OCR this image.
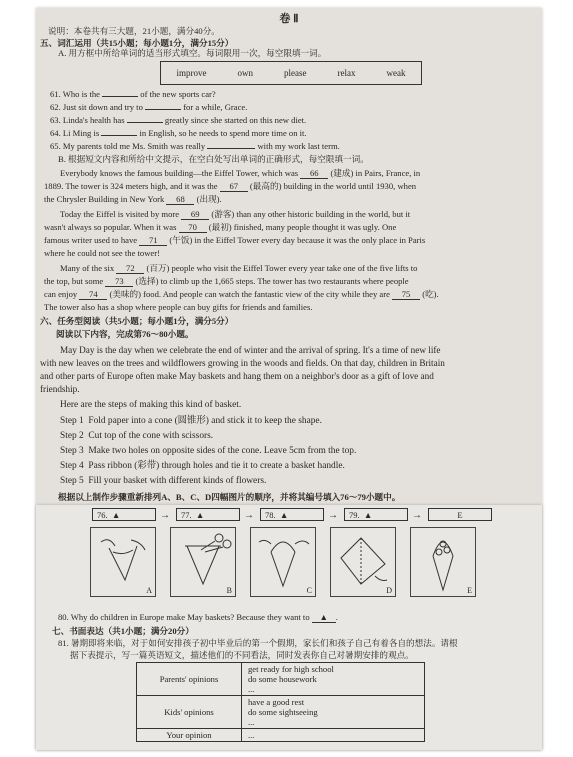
卷 Ⅱ
说明：本卷共有三大题，21小题，满分40分。
五、词汇运用（共15小题；每小题1分，满分15分）
A. 用方框中所给单词的适当形式填空。每词限用一次，每空限填一词。
improve	own	please	relax	weak
61. Who is the	of the new sports car?
62. Just sit down and try to	for a while, Grace.
63. Linda's health has	greatly since she started on this new diet.
64. Li Ming is	in English, so he needs to spend more time on it.
65. My parents told me Ms. Smith was really	with my work last term.
B. 根据短文内容和所给中文提示，在空白处写出单词的正确形式，每空限填一词。
Everybody knows the famous building—the Eiffel Tower, which was 66 (建成) in Pairs, France, in
1889. The tower is 324 meters high, and it was the 67 (最高的) building in the world until 1930, when
the Chrysler Building in New York 68 (出现).
Today the Eiffel is visited by more 69 (游客) than any other historic building in the world, but it
wasn't always so popular. When it was 70 (最初) finished, many people thought it was ugly. One
famous writer used to have 71 (午饭) in the Eiffel Tower every day because it was the only place in Paris
where he could not see the tower!
Many of the six 72 (百万) people who visit the Eiffel Tower every year take one of the five lifts to
the top, but some 73 (选择) to climb up the 1,665 steps. The tower has two restaurants where people
can enjoy 74 (美味的) food. And people can watch the fantastic view of the city while they are 75 (吃).
The tower also has a shop where people can buy gifts for friends and families.
六、任务型阅读（共5小题；每小题1分，满分5分）
阅读以下内容，完成第76～80小题。
May Day is the day when we celebrate the end of winter and the arrival of spring. It's a time of new life
with new leaves on the trees and wildflowers growing in the woods and fields. On that day, children in Britain
and other parts of Europe often make May baskets and hang them on a neighbor's door as a gift of love and
friendship.
Here are the steps of making this kind of basket.
Step 1 Fold paper into a cone (圆锥形) and stick it to keep the shape.
Step 2 Cut top of the cone with scissors.
Step 3 Make two holes on opposite sides of the cone. Leave 5cm from the top.
Step 4 Pass ribbon (彩带) through holes and tie it to create a basket handle.
Step 5 Fill your basket with different kinds of flowers.
根据以上制作步骤重新排列A、B、C、D四幅图片的顺序，并将其编号填入76～79小题中。
76.
▲	→ 77.
▲	→ 78.
▲	→ 79.
▲	→	E
A	B	C	D	E
80. Why do children in Europe make May baskets? Because they want to ▲ .
七、书面表达（共1小题；满分20分）
81. 暑期即将来临，对于如何安排孩子初中毕业后的第一个假期，家长们和孩子自己有着各自的想法。请根
据下表提示，写一篇英语短文，描述他们的不同看法，同时发表你自己对暑期安排的观点。
Parents' opinions	get ready for high school
do some housework
...

Kids' opinions	have a good rest
do some sightseeing
...

Your opinion	...
